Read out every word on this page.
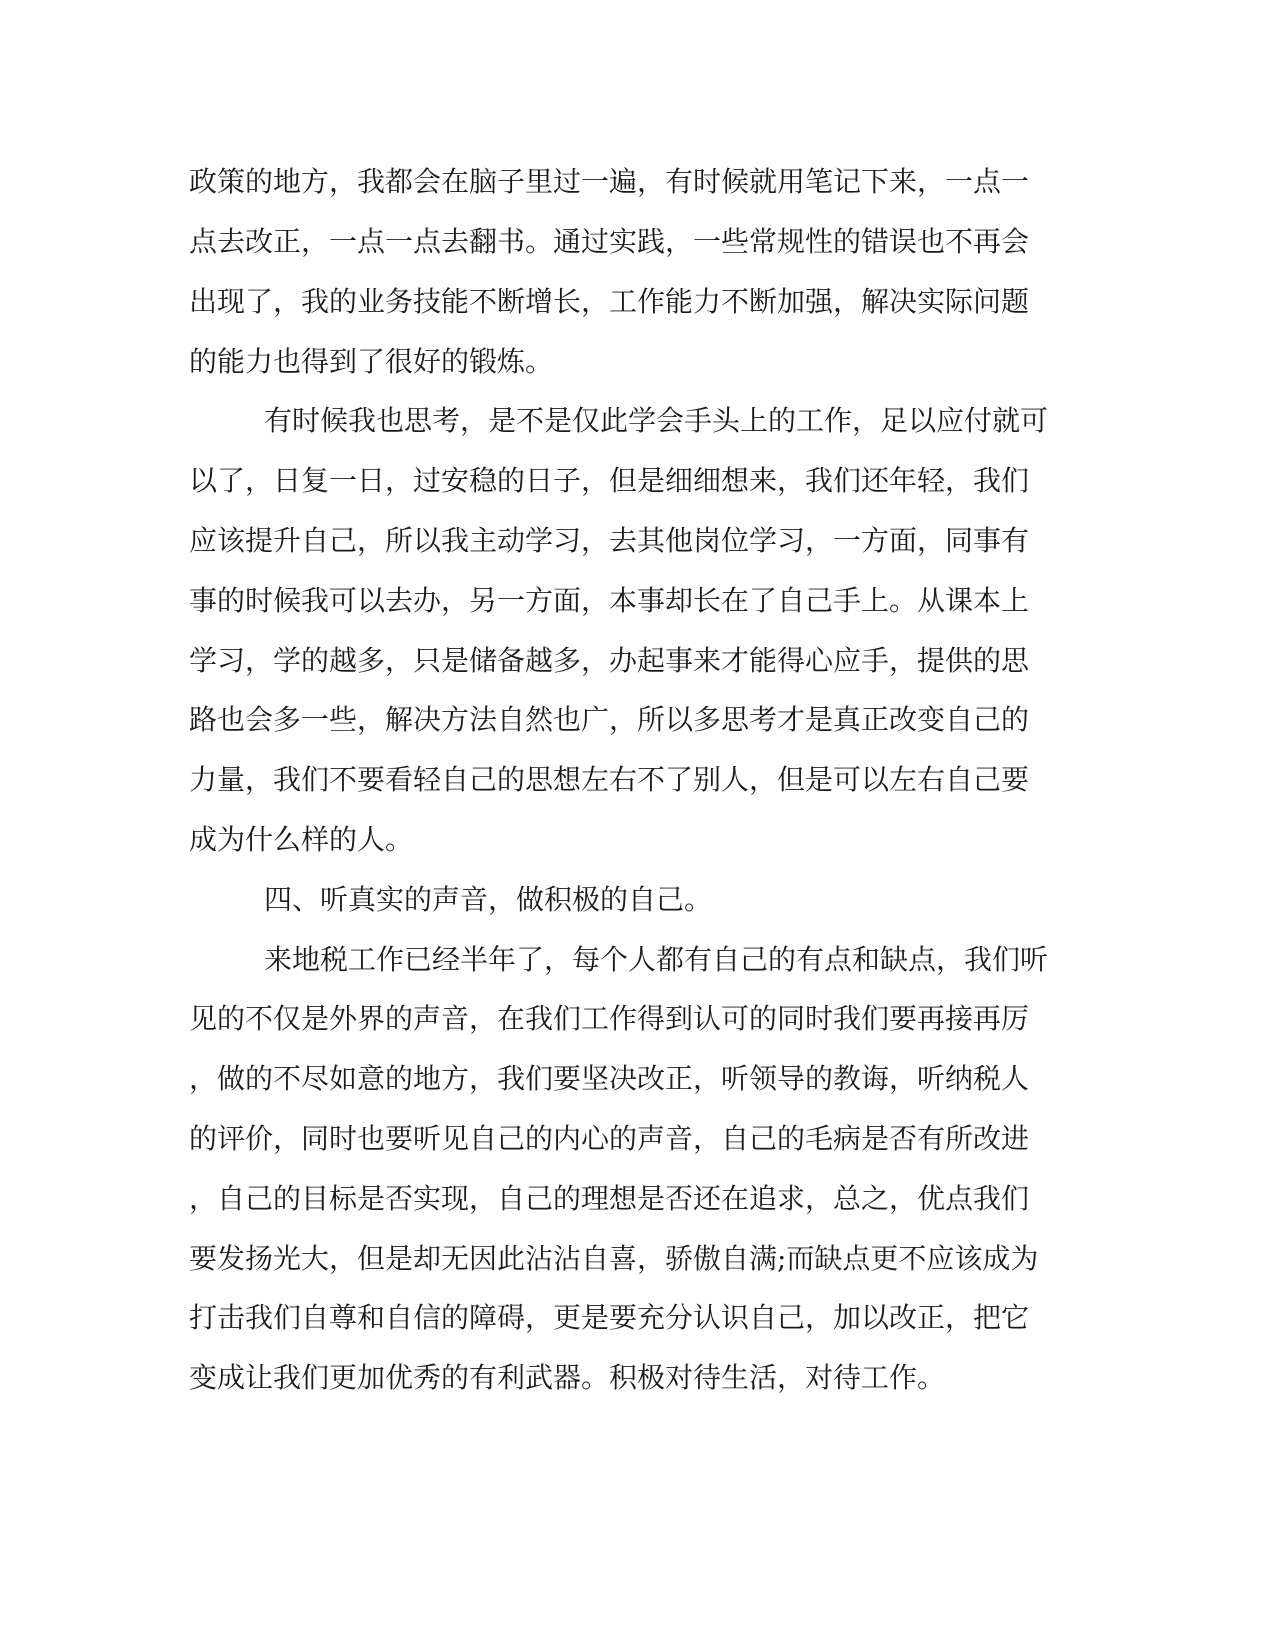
政策的地方，我都会在脑子里过一遍，有时候就用笔记下来，一点一
点去改正，一点一点去翻书。通过实践，一些常规性的错误也不再会
出现了，我的业务技能不断增长，工作能力不断加强，解决实际问题
的能力也得到了很好的锻炼。
有时候我也思考，是不是仅此学会手头上的工作，足以应付就可
以了，日复一日，过安稳的日子，但是细细想来，我们还年轻，我们
应该提升自己，所以我主动学习，去其他岗位学习，一方面，同事有
事的时候我可以去办，另一方面，本事却长在了自己手上。从课本上
学习，学的越多，只是储备越多，办起事来才能得心应手，提供的思
路也会多一些，解决方法自然也广，所以多思考才是真正改变自己的
力量，我们不要看轻自己的思想左右不了别人，但是可以左右自己要
成为什么样的人。
四、听真实的声音，做积极的自己。
来地税工作已经半年了，每个人都有自己的有点和缺点，我们听
见的不仅是外界的声音，在我们工作得到认可的同时我们要再接再厉
，做的不尽如意的地方，我们要坚决改正，听领导的教诲，听纳税人
的评价，同时也要听见自己的内心的声音，自己的毛病是否有所改进
，自己的目标是否实现，自己的理想是否还在追求，总之，优点我们
要发扬光大，但是却无因此沾沾自喜，骄傲自满;而缺点更不应该成为
打击我们自尊和自信的障碍，更是要充分认识自己，加以改正，把它
变成让我们更加优秀的有利武器。积极对待生活，对待工作。
